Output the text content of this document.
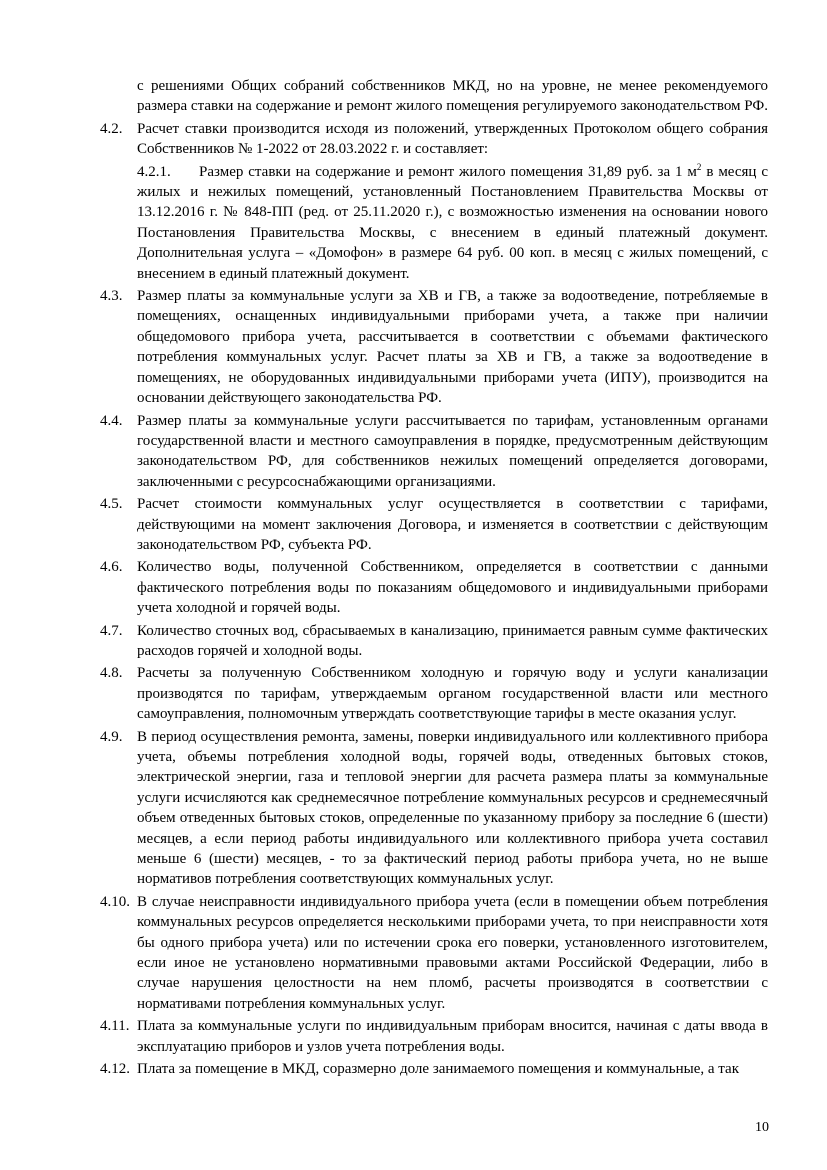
с решениями Общих собраний собственников МКД, но на уровне, не менее рекомендуемого размера ставки на содержание и ремонт жилого помещения регулируемого законодательством РФ.
4.2. Расчет ставки производится исходя из положений, утвержденных Протоколом общего собрания Собственников № 1-2022 от 28.03.2022 г. и составляет:
4.2.1. Размер ставки на содержание и ремонт жилого помещения 31,89 руб. за 1 $м^2$ в месяц с жилых и нежилых помещений, установленный Постановлением Правительства Москвы от 13.12.2016 г. № 848-ПП (ред. от 25.11.2020 г.), с возможностью изменения на основании нового Постановления Правительства Москвы, с внесением в единый платежный документ. Дополнительная услуга – «Домофон» в размере 64 руб. 00 коп. в месяц с жилых помещений, с внесением в единый платежный документ.
4.3. Размер платы за коммунальные услуги за ХВ и ГВ, а также за водоотведение, потребляемые в помещениях, оснащенных индивидуальными приборами учета, а также при наличии общедомового прибора учета, рассчитывается в соответствии с объемами фактического потребления коммунальных услуг. Расчет платы за ХВ и ГВ, а также за водоотведение в помещениях, не оборудованных индивидуальными приборами учета (ИПУ), производится на основании действующего законодательства РФ.
4.4. Размер платы за коммунальные услуги рассчитывается по тарифам, установленным органами государственной власти и местного самоуправления в порядке, предусмотренным действующим законодательством РФ, для собственников нежилых помещений определяется договорами, заключенными с ресурсоснабжающими организациями.
4.5. Расчет стоимости коммунальных услуг осуществляется в соответствии с тарифами, действующими на момент заключения Договора, и изменяется в соответствии с действующим законодательством РФ, субъекта РФ.
4.6. Количество воды, полученной Собственником, определяется в соответствии с данными фактического потребления воды по показаниям общедомового и индивидуальными приборами учета холодной и горячей воды.
4.7. Количество сточных вод, сбрасываемых в канализацию, принимается равным сумме фактических расходов горячей и холодной воды.
4.8. Расчеты за полученную Собственником холодную и горячую воду и услуги канализации производятся по тарифам, утверждаемым органом государственной власти или местного самоуправления, полномочным утверждать соответствующие тарифы в месте оказания услуг.
4.9. В период осуществления ремонта, замены, поверки индивидуального или коллективного прибора учета, объемы потребления холодной воды, горячей воды, отведенных бытовых стоков, электрической энергии, газа и тепловой энергии для расчета размера платы за коммунальные услуги исчисляются как среднемесячное потребление коммунальных ресурсов и среднемесячный объем отведенных бытовых стоков, определенные по указанному прибору за последние 6 (шести) месяцев, а если период работы индивидуального или коллективного прибора учета составил меньше 6 (шести) месяцев, - то за фактический период работы прибора учета, но не выше нормативов потребления соответствующих коммунальных услуг.
4.10. В случае неисправности индивидуального прибора учета (если в помещении объем потребления коммунальных ресурсов определяется несколькими приборами учета, то при неисправности хотя бы одного прибора учета) или по истечении срока его поверки, установленного изготовителем, если иное не установлено нормативными правовыми актами Российской Федерации, либо в случае нарушения целостности на нем пломб, расчеты производятся в соответствии с нормативами потребления коммунальных услуг.
4.11. Плата за коммунальные услуги по индивидуальным приборам вносится, начиная с даты ввода в эксплуатацию приборов и узлов учета потребления воды.
4.12. Плата за помещение в МКД, соразмерно доле занимаемого помещения и коммунальные, а так
10
